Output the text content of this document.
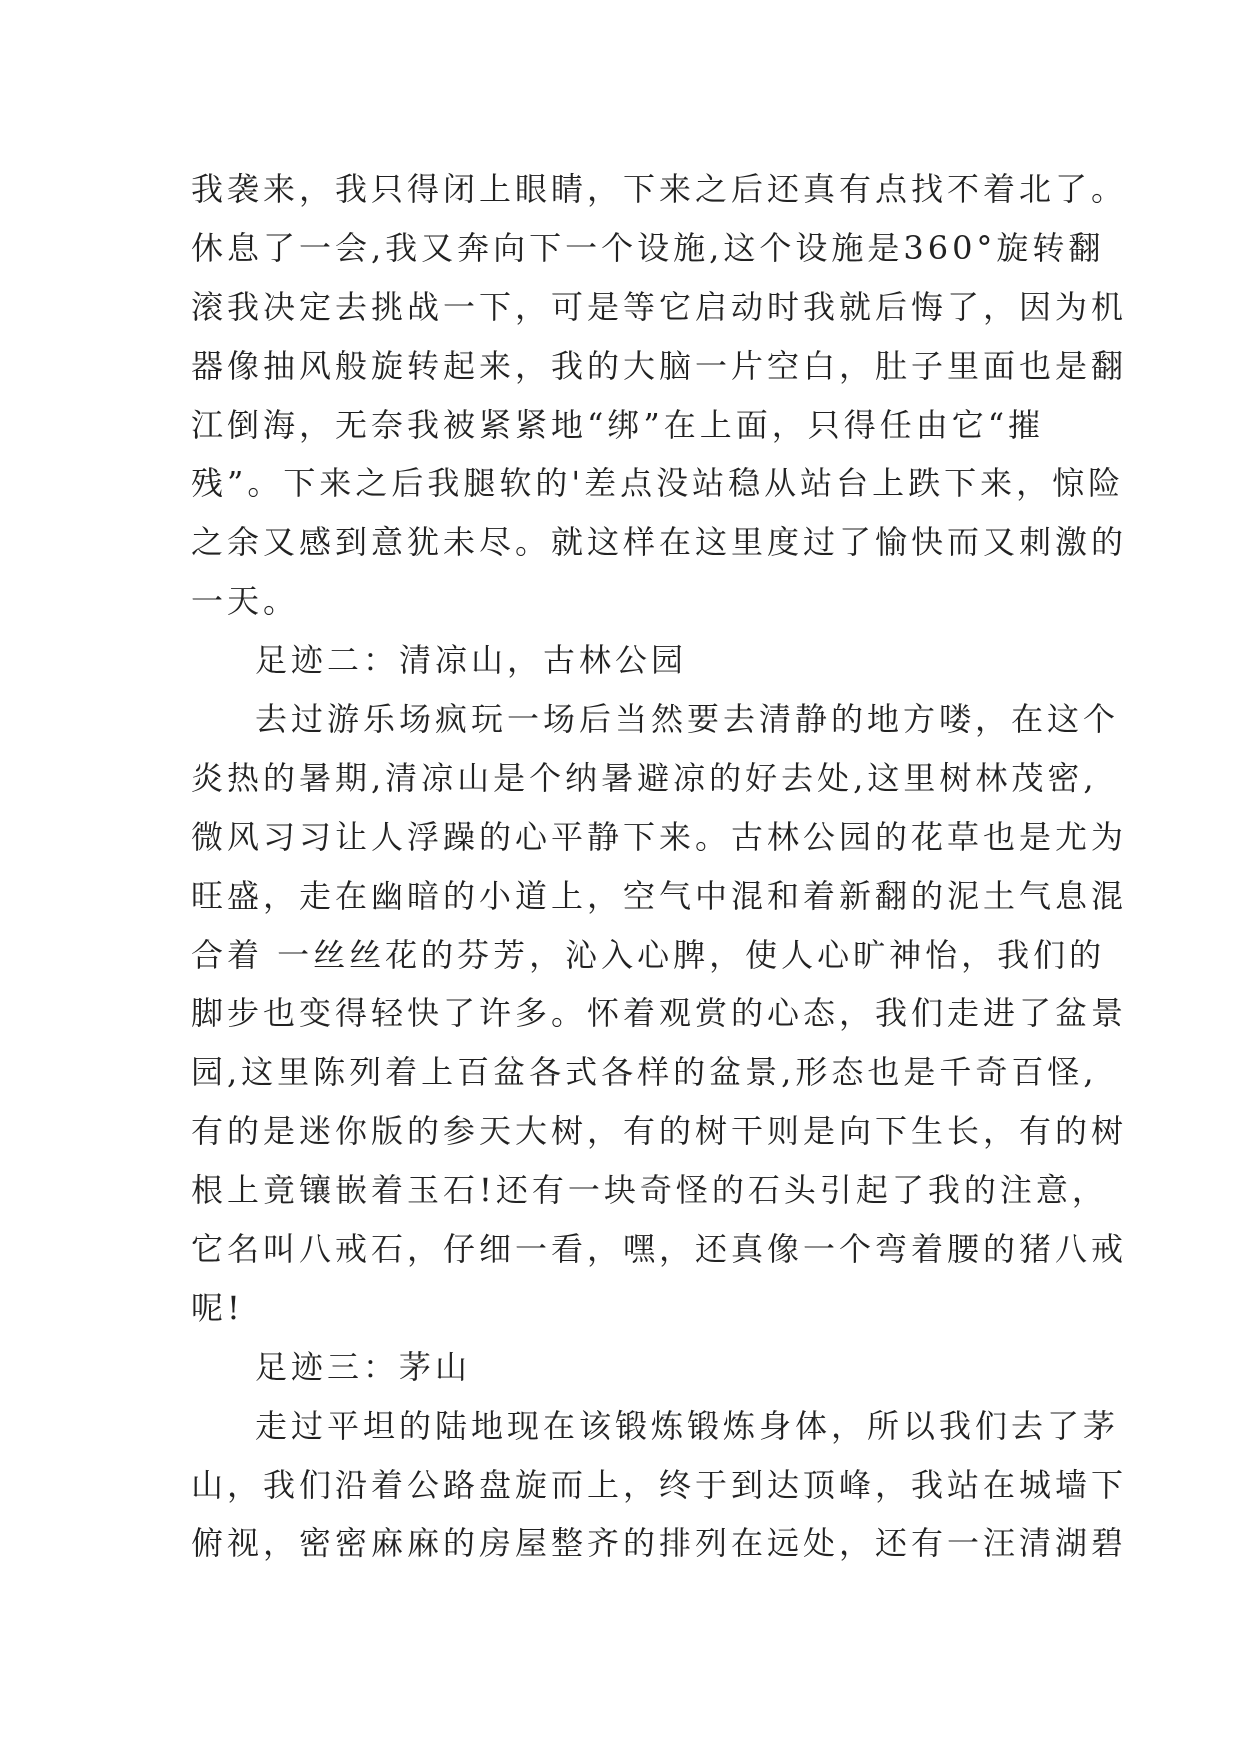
我袭来，我只得闭上眼睛，下来之后还真有点找不着北了。
休息了一会,我又奔向下一个设施,这个设施是360°旋转翻
滚我决定去挑战一下，可是等它启动时我就后悔了，因为机
器像抽风般旋转起来，我的大脑一片空白，肚子里面也是翻
江倒海，无奈我被紧紧地“绑”在上面，只得任由它“摧
残”。下来之后我腿软的'差点没站稳从站台上跌下来，惊险
之余又感到意犹未尽。就这样在这里度过了愉快而又刺激的
一天。
足迹二：清凉山，古林公园
去过游乐场疯玩一场后当然要去清静的地方喽，在这个
炎热的暑期,清凉山是个纳暑避凉的好去处,这里树林茂密,
微风习习让人浮躁的心平静下来。古林公园的花草也是尤为
旺盛，走在幽暗的小道上，空气中混和着新翻的泥土气息混
合着 一丝丝花的芬芳，沁入心脾，使人心旷神怡，我们的
脚步也变得轻快了许多。怀着观赏的心态，我们走进了盆景
园,这里陈列着上百盆各式各样的盆景,形态也是千奇百怪,
有的是迷你版的参天大树，有的树干则是向下生长，有的树
根上竟镶嵌着玉石!还有一块奇怪的石头引起了我的注意，
它名叫八戒石，仔细一看，嘿，还真像一个弯着腰的猪八戒
呢!
足迹三：茅山
走过平坦的陆地现在该锻炼锻炼身体，所以我们去了茅
山，我们沿着公路盘旋而上，终于到达顶峰，我站在城墙下
俯视，密密麻麻的房屋整齐的排列在远处，还有一汪清湖碧
